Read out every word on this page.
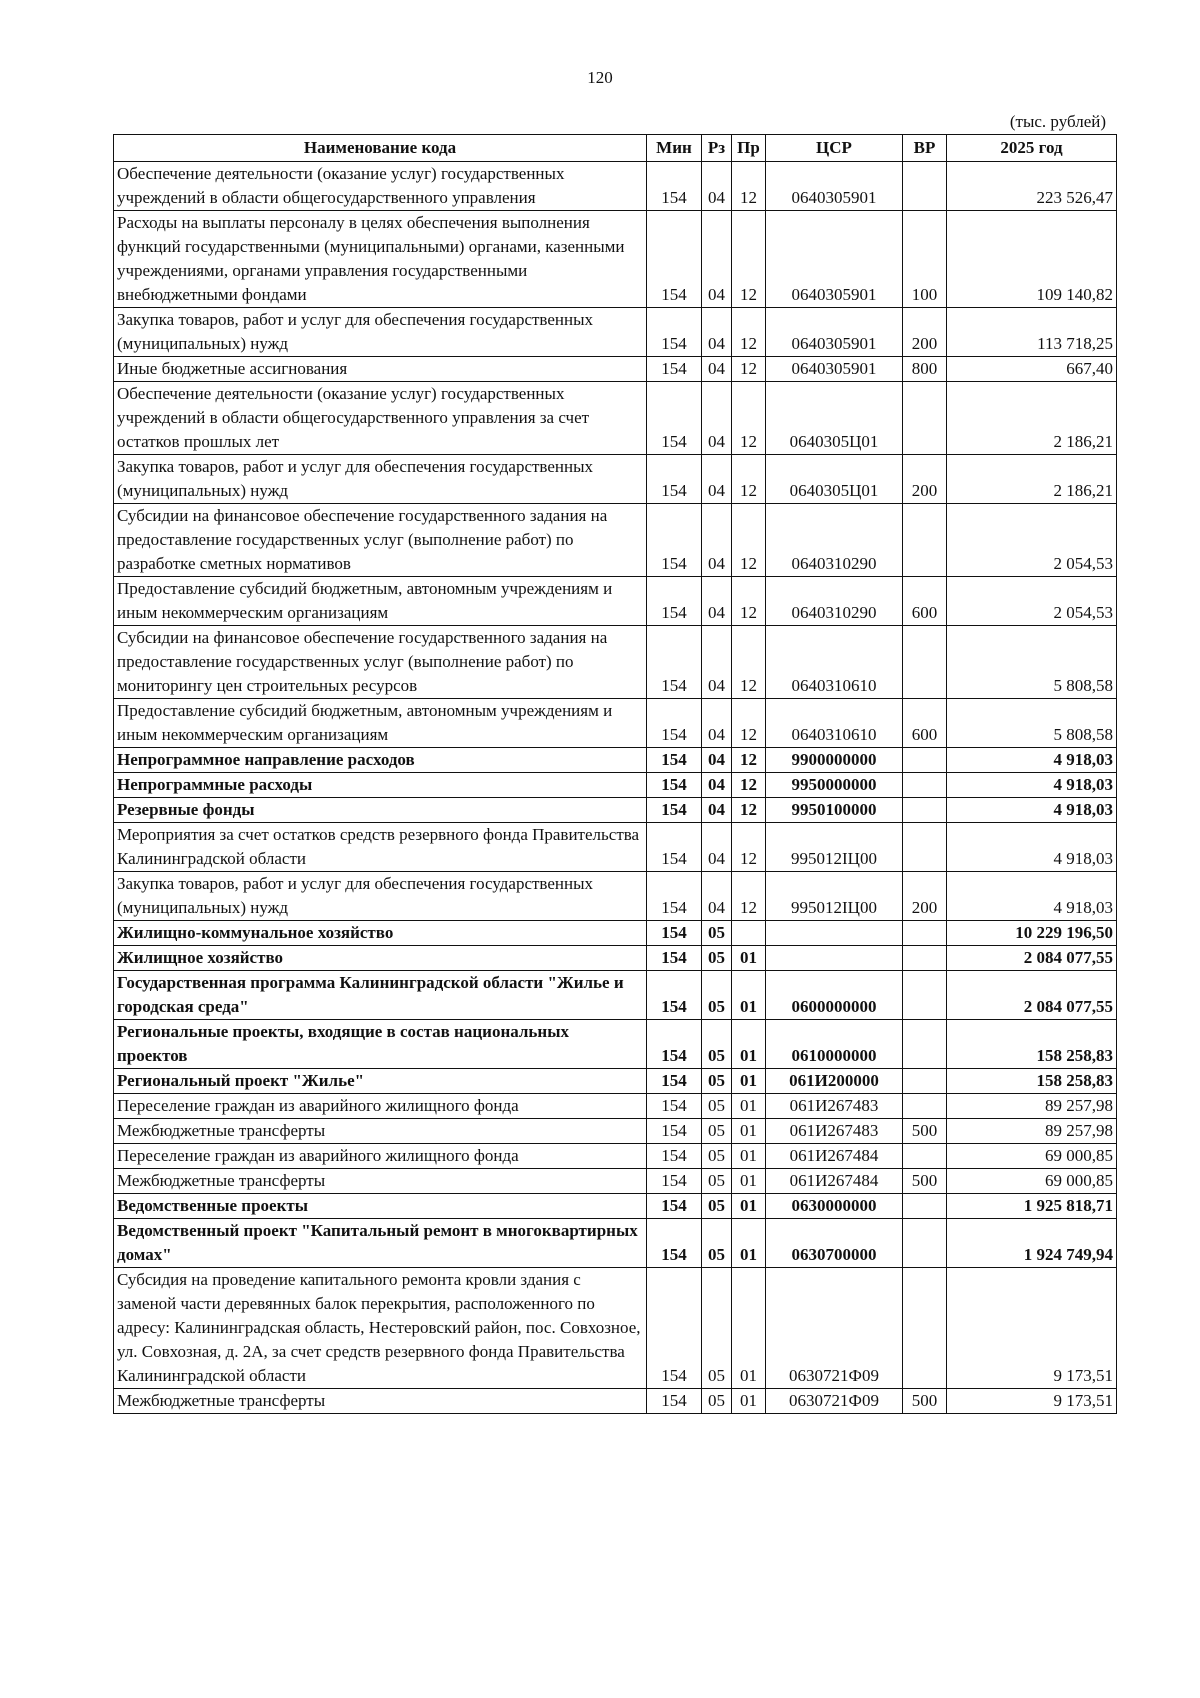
120
(тыс. рублей)
Наименование кода	Мин	Рз	Пр	ЦСР	ВР	2025 год
Обеспечение деятельности (оказание услуг) государственных учреждений в области общегосударственного управления	154	04	12	0640305901		223 526,47
Расходы на выплаты персоналу в целях обеспечения выполнения функций государственными (муниципальными) органами, казенными учреждениями, органами управления государственными внебюджетными фондами	154	04	12	0640305901	100	109 140,82
Закупка товаров, работ и услуг для обеспечения государственных (муниципальных) нужд	154	04	12	0640305901	200	113 718,25
Иные бюджетные ассигнования	154	04	12	0640305901	800	667,40
Обеспечение деятельности (оказание услуг) государственных учреждений в области общегосударственного управления за счет остатков прошлых лет	154	04	12	0640305Ц01		2 186,21
Закупка товаров, работ и услуг для обеспечения государственных (муниципальных) нужд	154	04	12	0640305Ц01	200	2 186,21
Субсидии на финансовое обеспечение государственного задания на предоставление государственных услуг (выполнение работ) по разработке сметных нормативов	154	04	12	0640310290		2 054,53
Предоставление субсидий бюджетным, автономным учреждениям и иным некоммерческим организациям	154	04	12	0640310290	600	2 054,53
Субсидии на финансовое обеспечение государственного задания на предоставление государственных услуг (выполнение работ) по мониторингу цен строительных ресурсов	154	04	12	0640310610		5 808,58
Предоставление субсидий бюджетным, автономным учреждениям и иным некоммерческим организациям	154	04	12	0640310610	600	5 808,58
Непрограммное направление расходов	154	04	12	9900000000		4 918,03
Непрограммные расходы	154	04	12	9950000000		4 918,03
Резервные фонды	154	04	12	9950100000		4 918,03
Мероприятия за счет остатков средств резервного фонда Правительства Калининградской области	154	04	12	995012IЦ00		4 918,03
Закупка товаров, работ и услуг для обеспечения государственных (муниципальных) нужд	154	04	12	995012IЦ00	200	4 918,03
Жилищно-коммунальное хозяйство	154	05				10 229 196,50
Жилищное хозяйство	154	05	01			2 084 077,55
Государственная программа Калининградской области "Жилье и городская среда"	154	05	01	0600000000		2 084 077,55
Региональные проекты, входящие в состав национальных проектов	154	05	01	0610000000		158 258,83
Региональный проект "Жилье"	154	05	01	061И200000		158 258,83
Переселение граждан из аварийного жилищного фонда	154	05	01	061И267483		89 257,98
Межбюджетные трансферты	154	05	01	061И267483	500	89 257,98
Переселение граждан из аварийного жилищного фонда	154	05	01	061И267484		69 000,85
Межбюджетные трансферты	154	05	01	061И267484	500	69 000,85
Ведомственные проекты	154	05	01	0630000000		1 925 818,71
Ведомственный проект "Капитальный ремонт в многоквартирных домах"	154	05	01	0630700000		1 924 749,94
Субсидия на проведение капитального ремонта кровли здания с заменой части деревянных балок перекрытия, расположенного по адресу: Калининградская область, Нестеровский район, пос. Совхозное, ул. Совхозная, д. 2А, за счет средств резервного фонда Правительства Калининградской области	154	05	01	0630721Ф09		9 173,51
Межбюджетные трансферты	154	05	01	0630721Ф09	500	9 173,51
